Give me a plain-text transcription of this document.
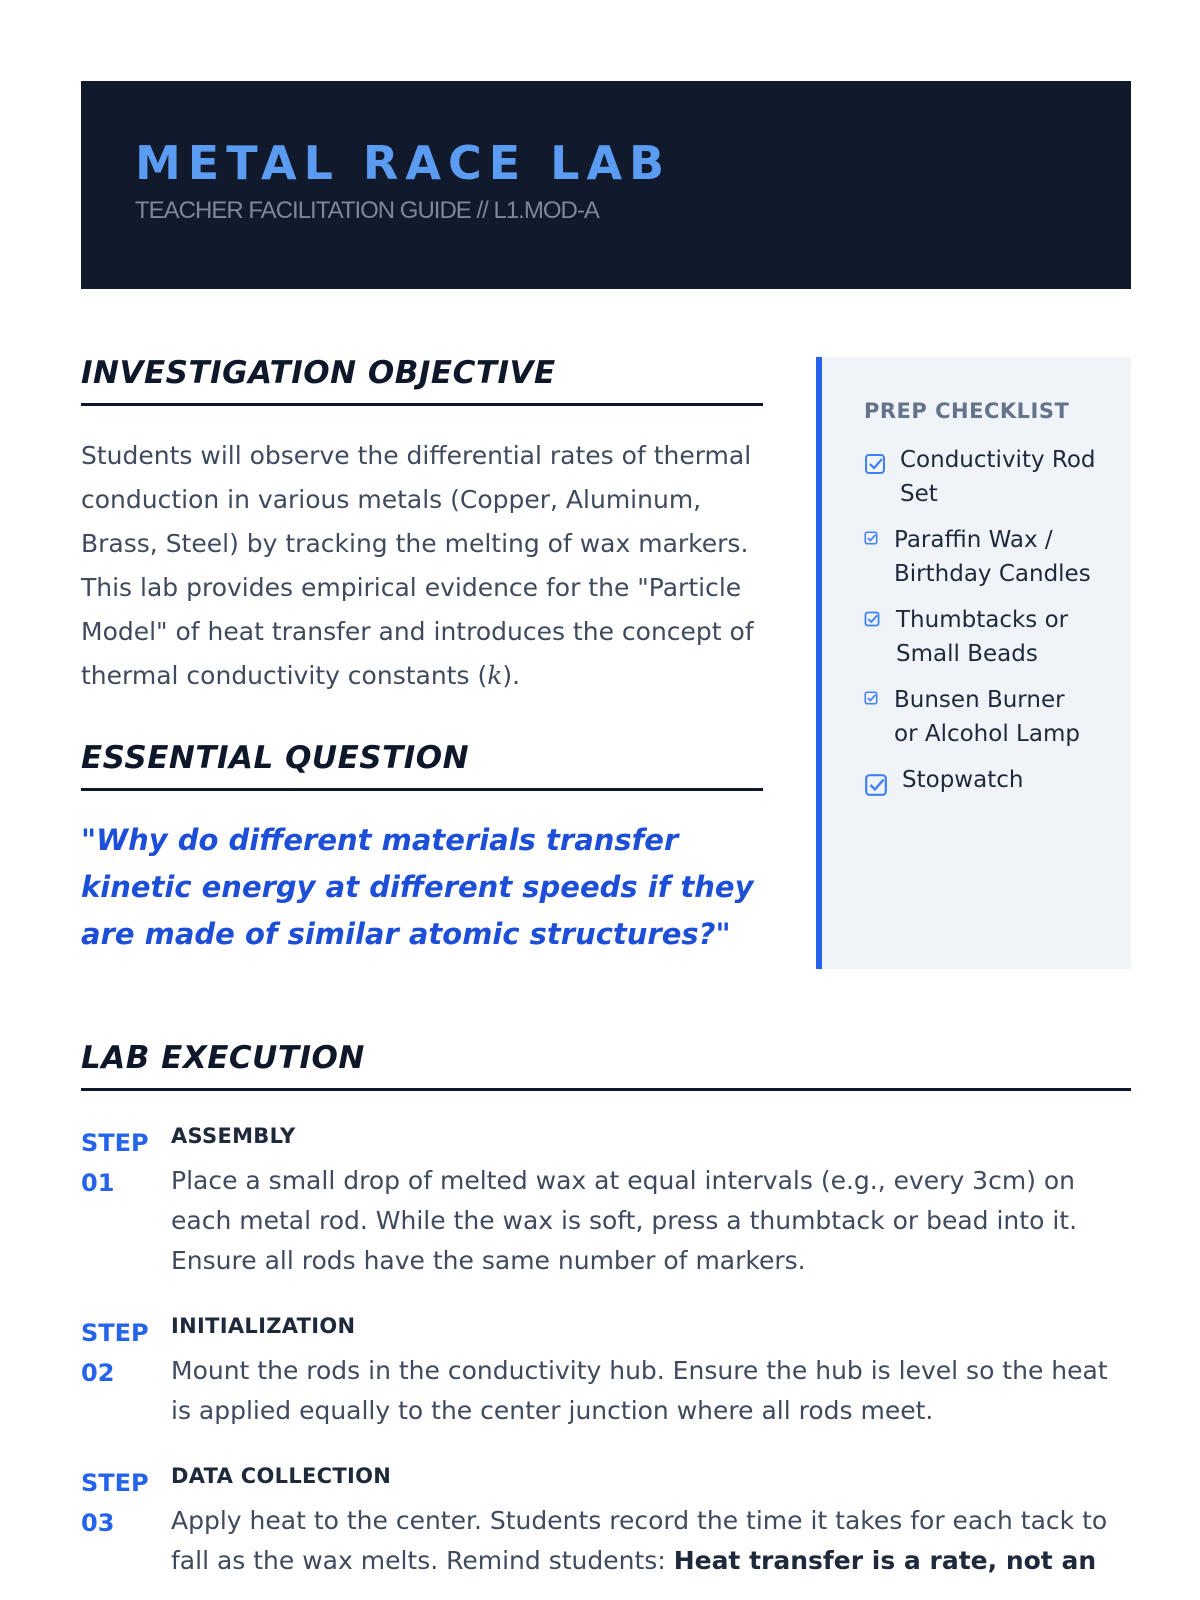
METAL RACE LAB
TEACHER FACILITATION GUIDE // L1.MOD-A
INVESTIGATION OBJECTIVE

Students will observe the differential rates of thermal conduction in various metals (Copper, Aluminum, Brass, Steel) by tracking the melting of wax markers. This lab provides empirical evidence for the "Particle Model" of heat transfer and introduces the concept of thermal conductivity constants (k).

ESSENTIAL QUESTION
"Why do different materials transfer kinetic energy at different speeds if they are made of similar atomic structures?"
PREP CHECKLIST
Conductivity Rod Set
Paraffin Wax / Birthday Candles
Thumbtacks or Small Beads
Bunsen Burner or Alcohol Lamp
Stopwatch
LAB EXECUTION
STEP
01
ASSEMBLY
Place a small drop of melted wax at equal intervals (e.g., every 3cm) on each metal rod. While the wax is soft, press a thumbtack or bead into it. Ensure all rods have the same number of markers.
STEP
02
INITIALIZATION
Mount the rods in the conductivity hub. Ensure the hub is level so the heat is applied equally to the center junction where all rods meet.
STEP
03
DATA COLLECTION
Apply heat to the center. Students record the time it takes for each tack to fall as the wax melts. Remind students: Heat transfer is a rate, not an
